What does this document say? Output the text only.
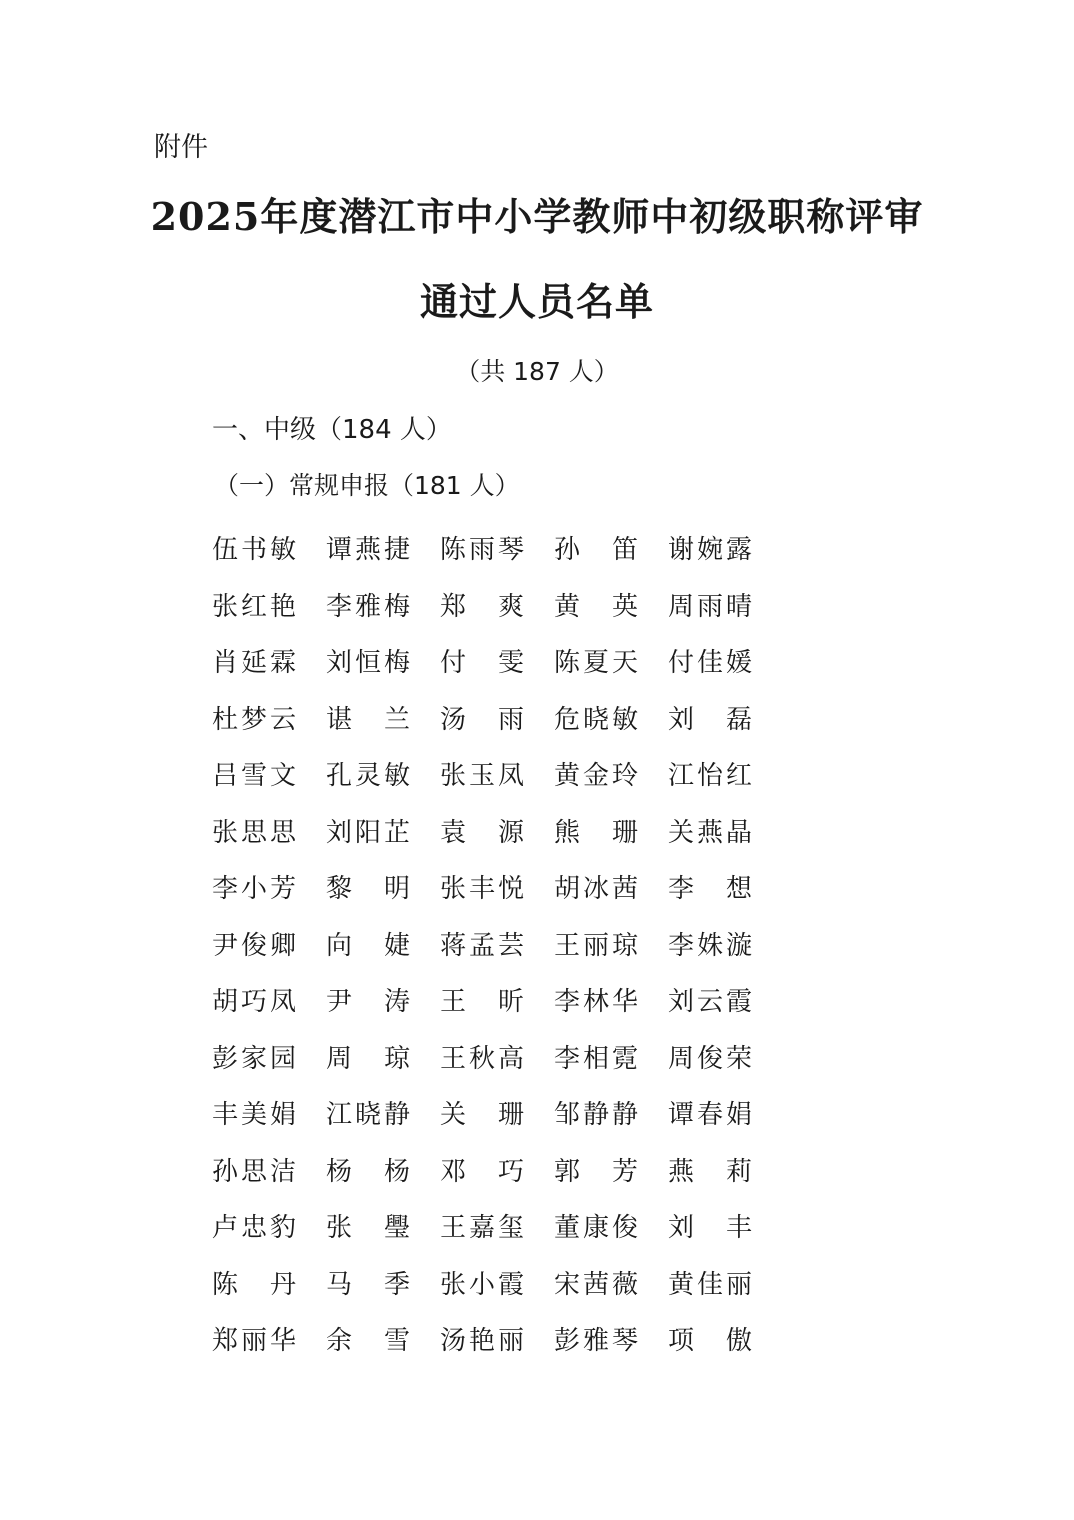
附件
2025年度潜江市中小学教师中初级职称评审
通过人员名单
（共 187 人）
一、中级（184 人）
（一）常规申报（181 人）
伍书敏 谭燕捷 陈雨琴 孙　笛 谢婉露
张红艳 李雅梅 郑　爽 黄　英 周雨晴
肖延霖 刘恒梅 付　雯 陈夏天 付佳媛
杜梦云 谌　兰 汤　雨 危晓敏 刘　磊
吕雪文 孔灵敏 张玉凤 黄金玲 江怡红
张思思 刘阳芷 袁　源 熊　珊 关燕晶
李小芳 黎　明 张丰悦 胡冰茜 李　想
尹俊卿 向　婕 蒋孟芸 王丽琼 李姝漩
胡巧凤 尹　涛 王　昕 李林华 刘云霞
彭家园 周　琼 王秋高 李相霓 周俊荣
丰美娟 江晓静 关　珊 邹静静 谭春娟
孙思洁 杨　杨 邓　巧 郭　芳 燕　莉
卢忠豹 张　璺 王嘉玺 董康俊 刘　丰
陈　丹 马　季 张小霞 宋茜薇 黄佳丽
郑丽华 余　雪 汤艳丽 彭雅琴 项　傲
